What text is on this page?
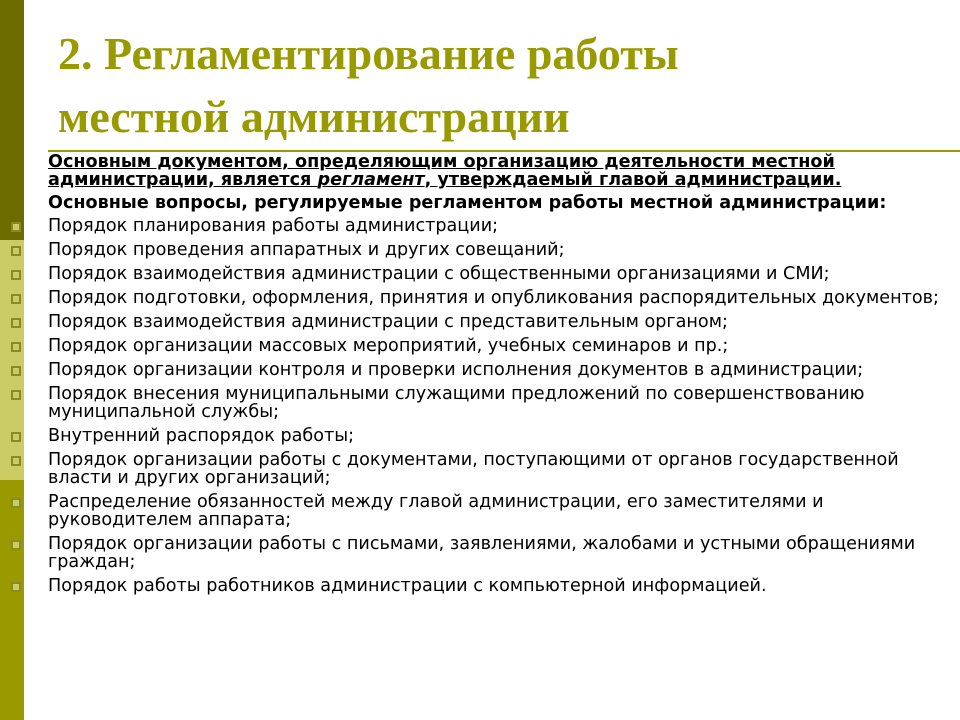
2. Регламентирование работы
местной администрации
Основным документом, определяющим организацию деятельности местной администрации, является регламент, утверждаемый главой администрации.
Основные вопросы, регулируемые регламентом работы местной администрации:
Порядок планирования работы администрации;
Порядок проведения аппаратных и других совещаний;
Порядок взаимодействия администрации с общественными организациями и СМИ;
Порядок подготовки, оформления, принятия и опубликования распорядительных документов;
Порядок взаимодействия администрации с представительным органом;
Порядок организации массовых мероприятий, учебных семинаров и пр.;
Порядок организации контроля и проверки исполнения документов в администрации;
Порядок внесения муниципальными служащими предложений по совершенствованию муниципальной службы;
Внутренний распорядок работы;
Порядок организации работы с документами, поступающими от органов государственной власти и других организаций;
Распределение обязанностей между главой администрации, его заместителями и руководителем аппарата;
Порядок организации работы с письмами, заявлениями, жалобами и устными обращениями граждан;
Порядок работы работников администрации с компьютерной информацией.
